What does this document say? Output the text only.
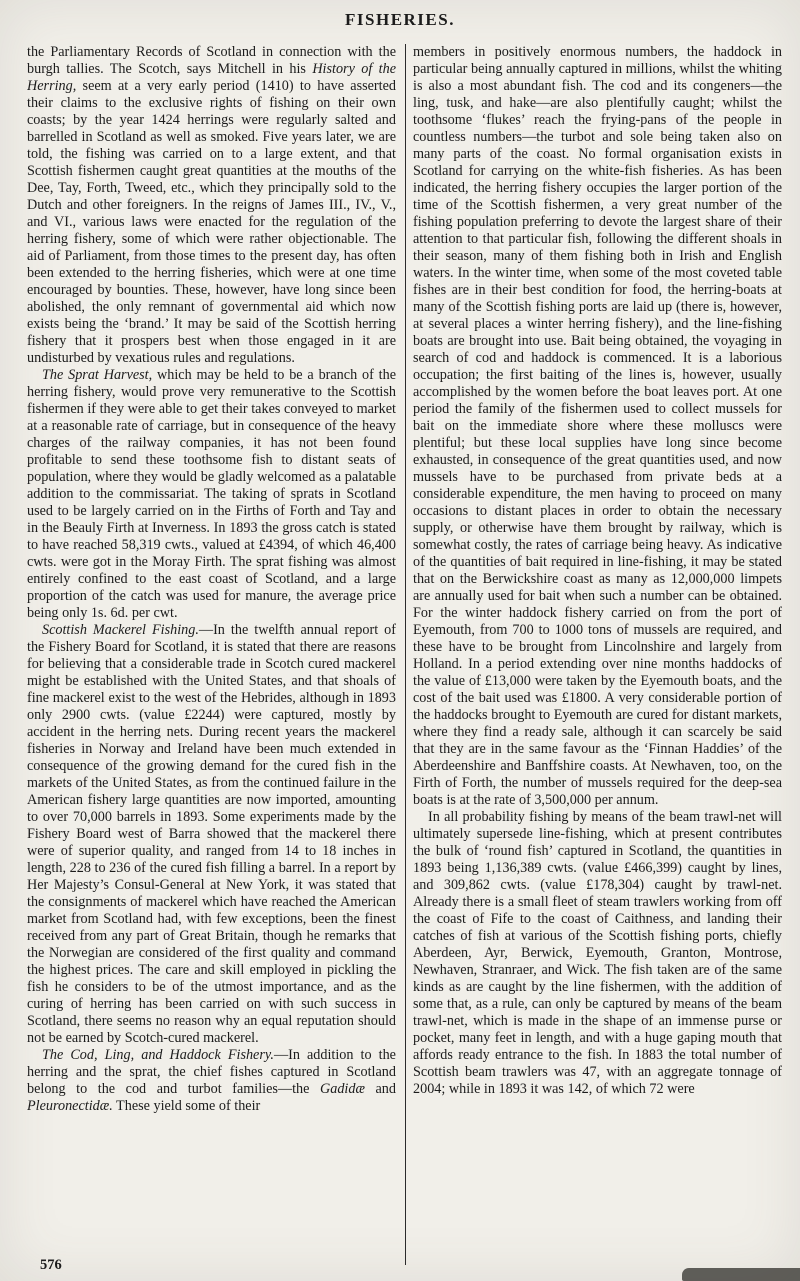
FISHERIES.

the Parliamentary Records of Scotland in connection with the burgh tallies. The Scotch, says Mitchell in his History of the Herring, seem at a very early period (1410) to have asserted their claims to the exclusive rights of fishing on their own coasts; by the year 1424 herrings were regularly salted and barrelled in Scotland as well as smoked. Five years later, we are told, the fishing was carried on to a large extent, and that Scottish fishermen caught great quantities at the mouths of the Dee, Tay, Forth, Tweed, etc., which they principally sold to the Dutch and other foreigners. In the reigns of James III., IV., V., and VI., various laws were enacted for the regulation of the herring fishery, some of which were rather objectionable. The aid of Parliament, from those times to the present day, has often been extended to the herring fisheries, which were at one time encouraged by bounties. These, however, have long since been abolished, the only remnant of governmental aid which now exists being the ‘brand.’ It may be said of the Scottish herring fishery that it prospers best when those engaged in it are undisturbed by vexatious rules and regulations.

The Sprat Harvest, which may be held to be a branch of the herring fishery, would prove very remunerative to the Scottish fishermen if they were able to get their takes conveyed to market at a reasonable rate of carriage, but in consequence of the heavy charges of the railway companies, it has not been found profitable to send these toothsome fish to distant seats of population, where they would be gladly welcomed as a palatable addition to the commissariat. The taking of sprats in Scotland used to be largely carried on in the Firths of Forth and Tay and in the Beauly Firth at Inverness. In 1893 the gross catch is stated to have reached 58,319 cwts., valued at £4394, of which 46,400 cwts. were got in the Moray Firth. The sprat fishing was almost entirely confined to the east coast of Scotland, and a large proportion of the catch was used for manure, the average price being only 1s. 6d. per cwt.

Scottish Mackerel Fishing.—In the twelfth annual report of the Fishery Board for Scotland, it is stated that there are reasons for believing that a considerable trade in Scotch cured mackerel might be established with the United States, and that shoals of fine mackerel exist to the west of the Hebrides, although in 1893 only 2900 cwts. (value £2244) were captured, mostly by accident in the herring nets. During recent years the mackerel fisheries in Norway and Ireland have been much extended in consequence of the growing demand for the cured fish in the markets of the United States, as from the continued failure in the American fishery large quantities are now imported, amounting to over 70,000 barrels in 1893. Some experiments made by the Fishery Board west of Barra showed that the mackerel there were of superior quality, and ranged from 14 to 18 inches in length, 228 to 236 of the cured fish filling a barrel. In a report by Her Majesty’s Consul-General at New York, it was stated that the consignments of mackerel which have reached the American market from Scotland had, with few exceptions, been the finest received from any part of Great Britain, though he remarks that the Norwegian are considered of the first quality and command the highest prices. The care and skill employed in pickling the fish he considers to be of the utmost importance, and as the curing of herring has been carried on with such success in Scotland, there seems no reason why an equal reputation should not be earned by Scotch-cured mackerel.

The Cod, Ling, and Haddock Fishery.—In addition to the herring and the sprat, the chief fishes captured in Scotland belong to the cod and turbot families—the Gadidæ and Pleuronectidæ. These yield some of their

members in positively enormous numbers, the haddock in particular being annually captured in millions, whilst the whiting is also a most abundant fish. The cod and its congeners—the ling, tusk, and hake—are also plentifully caught; whilst the toothsome ‘flukes’ reach the frying-pans of the people in countless numbers—the turbot and sole being taken also on many parts of the coast. No formal organisation exists in Scotland for carrying on the white-fish fisheries. As has been indicated, the herring fishery occupies the larger portion of the time of the Scottish fishermen, a very great number of the fishing population preferring to devote the largest share of their attention to that particular fish, following the different shoals in their season, many of them fishing both in Irish and English waters. In the winter time, when some of the most coveted table fishes are in their best condition for food, the herring-boats at many of the Scottish fishing ports are laid up (there is, however, at several places a winter herring fishery), and the line-fishing boats are brought into use. Bait being obtained, the voyaging in search of cod and haddock is commenced. It is a laborious occupation; the first baiting of the lines is, however, usually accomplished by the women before the boat leaves port. At one period the family of the fishermen used to collect mussels for bait on the immediate shore where these molluscs were plentiful; but these local supplies have long since become exhausted, in consequence of the great quantities used, and now mussels have to be purchased from private beds at a considerable expenditure, the men having to proceed on many occasions to distant places in order to obtain the necessary supply, or otherwise have them brought by railway, which is somewhat costly, the rates of carriage being heavy. As indicative of the quantities of bait required in line-fishing, it may be stated that on the Berwickshire coast as many as 12,000,000 limpets are annually used for bait when such a number can be obtained. For the winter haddock fishery carried on from the port of Eyemouth, from 700 to 1000 tons of mussels are required, and these have to be brought from Lincolnshire and largely from Holland. In a period extending over nine months haddocks of the value of £13,000 were taken by the Eyemouth boats, and the cost of the bait used was £1800. A very considerable portion of the haddocks brought to Eyemouth are cured for distant markets, where they find a ready sale, although it can scarcely be said that they are in the same favour as the ‘Finnan Haddies’ of the Aberdeenshire and Banffshire coasts. At Newhaven, too, on the Firth of Forth, the number of mussels required for the deep-sea boats is at the rate of 3,500,000 per annum.

In all probability fishing by means of the beam trawl-net will ultimately supersede line-fishing, which at present contributes the bulk of ‘round fish’ captured in Scotland, the quantities in 1893 being 1,136,389 cwts. (value £466,399) caught by lines, and 309,862 cwts. (value £178,304) caught by trawl-net. Already there is a small fleet of steam trawlers working from off the coast of Fife to the coast of Caithness, and landing their catches of fish at various of the Scottish fishing ports, chiefly Aberdeen, Ayr, Berwick, Eyemouth, Granton, Montrose, Newhaven, Stranraer, and Wick. The fish taken are of the same kinds as are caught by the line fishermen, with the addition of some that, as a rule, can only be captured by means of the beam trawl-net, which is made in the shape of an immense purse or pocket, many feet in length, and with a huge gaping mouth that affords ready entrance to the fish. In 1883 the total number of Scottish beam trawlers was 47, with an aggregate tonnage of 2004; while in 1893 it was 142, of which 72 were

576
